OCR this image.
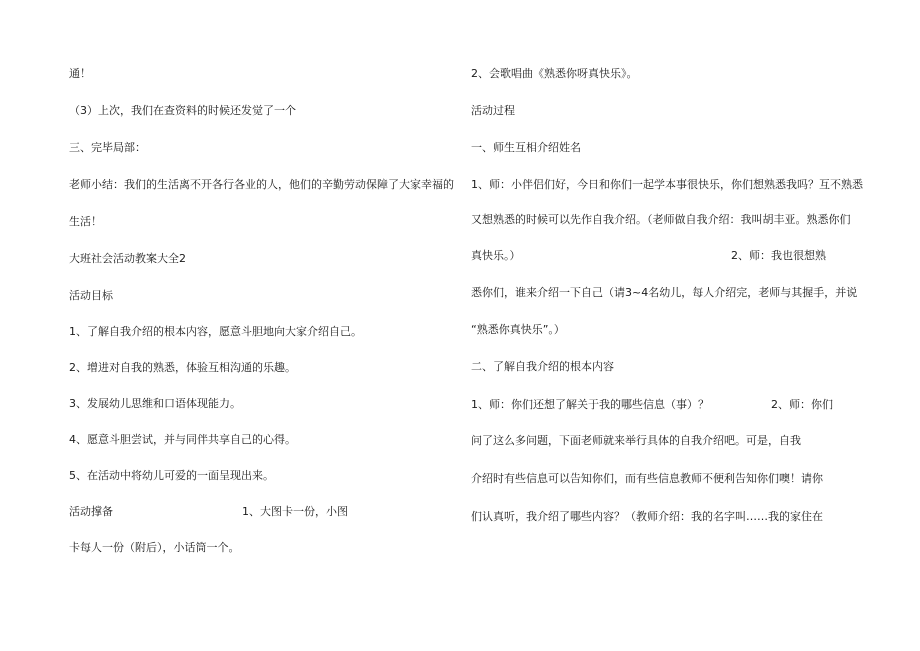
通！
（3）上次，我们在查资料的时候还发觉了一个
三、完毕局部：
老师小结：我们的生活离不开各行各业的人，他们的辛勤劳动保障了大家幸福的
生活！
大班社会活动教案大全2
活动目标
1、了解自我介绍的根本内容，愿意斗胆地向大家介绍自己。
2、增进对自我的熟悉，体验互相沟通的乐趣。
3、发展幼儿思维和口语体现能力。
4、愿意斗胆尝试，并与同伴共享自己的心得。
5、在活动中将幼儿可爱的一面呈现出来。
活动撑备	1、大图卡一份，小图
卡每人一份（附后），小话筒一个。
2、会歌唱曲《熟悉你呀真快乐》。
活动过程
一、师生互相介绍姓名
1、师：小伴侣们好，今日和你们一起学本事很快乐，你们想熟悉我吗？互不熟悉
又想熟悉的时候可以先作自我介绍。（老师做自我介绍：我叫胡丰亚。熟悉你们
真快乐。）	2、师：我也很想熟
悉你们，谁来介绍一下自己（请3~4名幼儿，每人介绍完，老师与其握手，并说
“熟悉你真快乐”。）
二、了解自我介绍的根本内容
1、师：你们还想了解关于我的哪些信息（事）？	2、师：你们
问了这么多问题，下面老师就来举行具体的自我介绍吧。可是，自我
介绍时有些信息可以告知你们，而有些信息教师不便利告知你们噢！请你
们认真听，我介绍了哪些内容？（教师介绍：我的名字叫……我的家住在
